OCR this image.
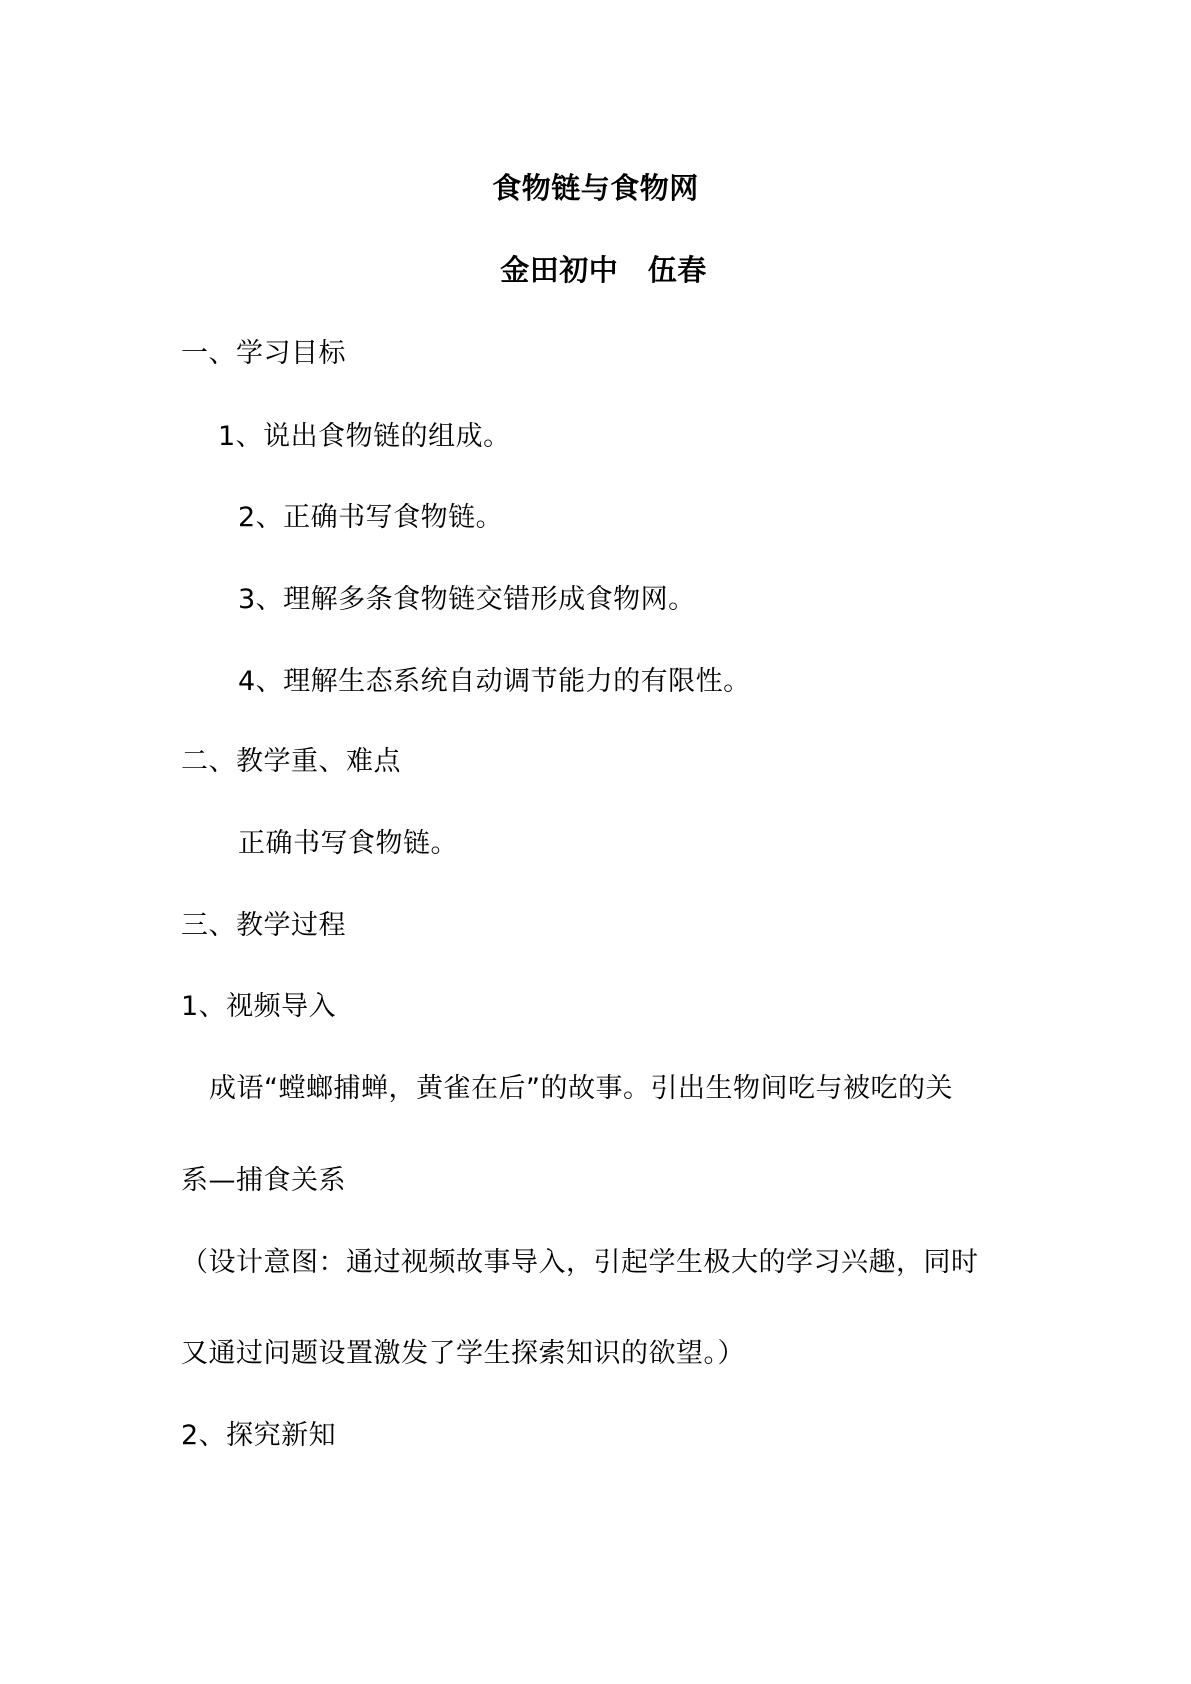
食物链与食物网
金田初中　伍春
一、学习目标
1、说出食物链的组成。
2、正确书写食物链。
3、理解多条食物链交错形成食物网。
4、理解生态系统自动调节能力的有限性。
二、教学重、难点
正确书写食物链。
三、教学过程
1、视频导入
成语“螳螂捕蝉，黄雀在后”的故事。引出生物间吃与被吃的关
系—捕食关系
（设计意图：通过视频故事导入，引起学生极大的学习兴趣，同时
又通过问题设置激发了学生探索知识的欲望。）
2、探究新知
